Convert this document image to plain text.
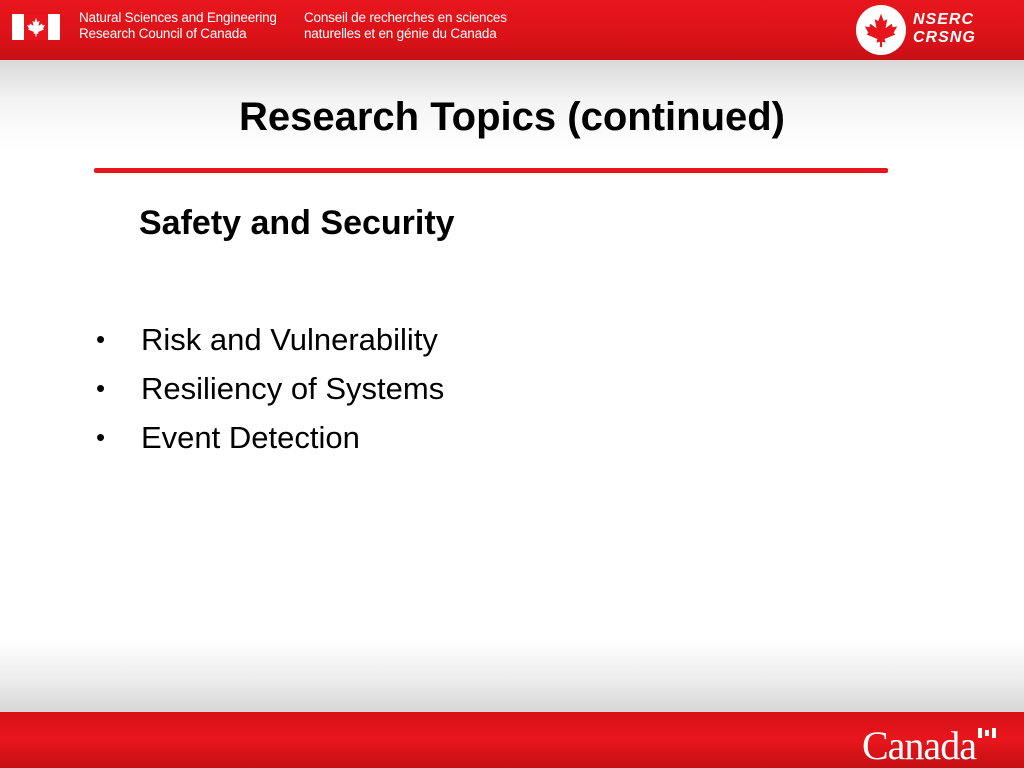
Natural Sciences and Engineering
Research Council of Canada
Conseil de recherches en sciences
naturelles et en génie du Canada
NSERC
CRSNG
Research Topics (continued)
Safety and Security
•	Risk and Vulnerability
•	Resiliency of Systems
•	Event Detection
Canada
